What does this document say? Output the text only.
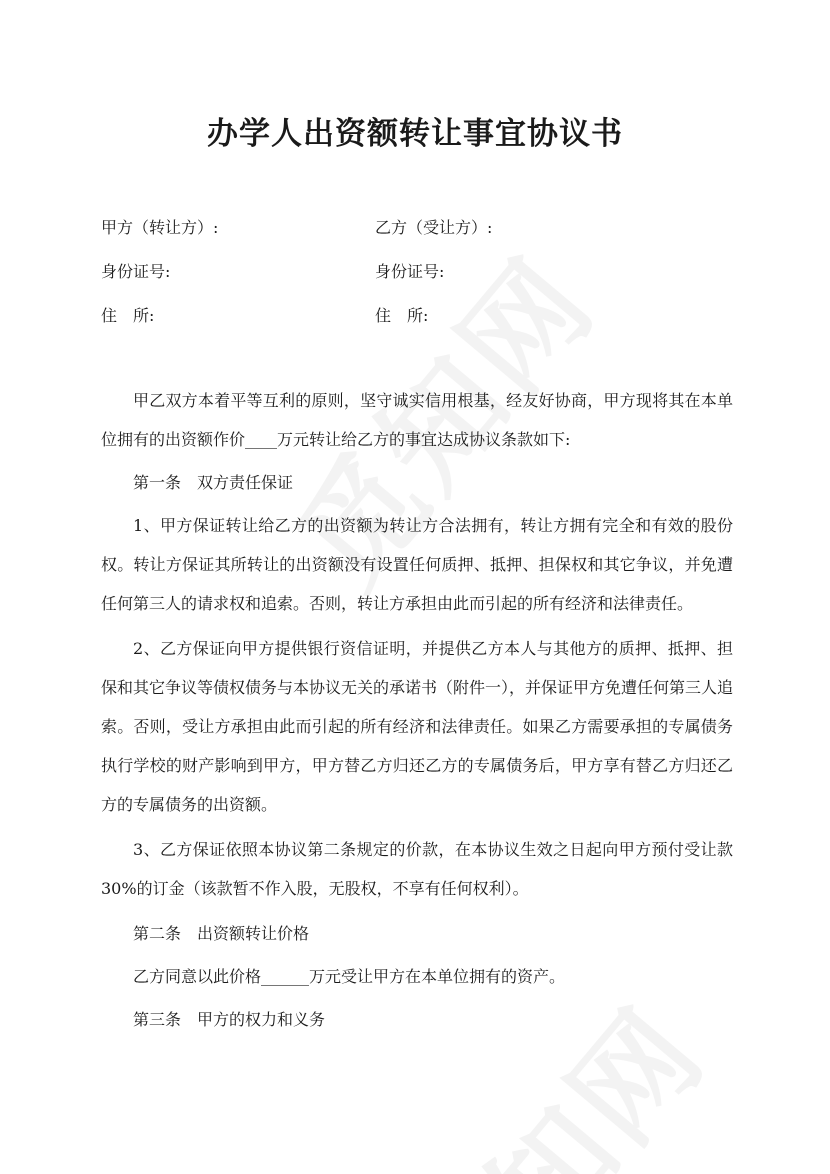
办学人出资额转让事宜协议书
甲方（转让方）:	乙方（受让方）:
身份证号:	身份证号:
住　所:	住　所:

甲乙双方本着平等互利的原则，坚守诚实信用根基，经友好协商，甲方现将其在本单位拥有的出资额作价____万元转让给乙方的事宜达成协议条款如下:

第一条　双方责任保证

1、甲方保证转让给乙方的出资额为转让方合法拥有，转让方拥有完全和有效的股份权。转让方保证其所转让的出资额没有设置任何质押、抵押、担保权和其它争议，并免遭任何第三人的请求权和追索。否则，转让方承担由此而引起的所有经济和法律责任。

2、乙方保证向甲方提供银行资信证明，并提供乙方本人与其他方的质押、抵押、担保和其它争议等债权债务与本协议无关的承诺书（附件一），并保证甲方免遭任何第三人追索。否则，受让方承担由此而引起的所有经济和法律责任。如果乙方需要承担的专属债务执行学校的财产影响到甲方，甲方替乙方归还乙方的专属债务后，甲方享有替乙方归还乙方的专属债务的出资额。

3、乙方保证依照本协议第二条规定的价款，在本协议生效之日起向甲方预付受让款 30%的订金（该款暂不作入股，无股权，不享有任何权利）。

第二条　出资额转让价格

乙方同意以此价格______万元受让甲方在本单位拥有的资产。

第三条　甲方的权力和义务
